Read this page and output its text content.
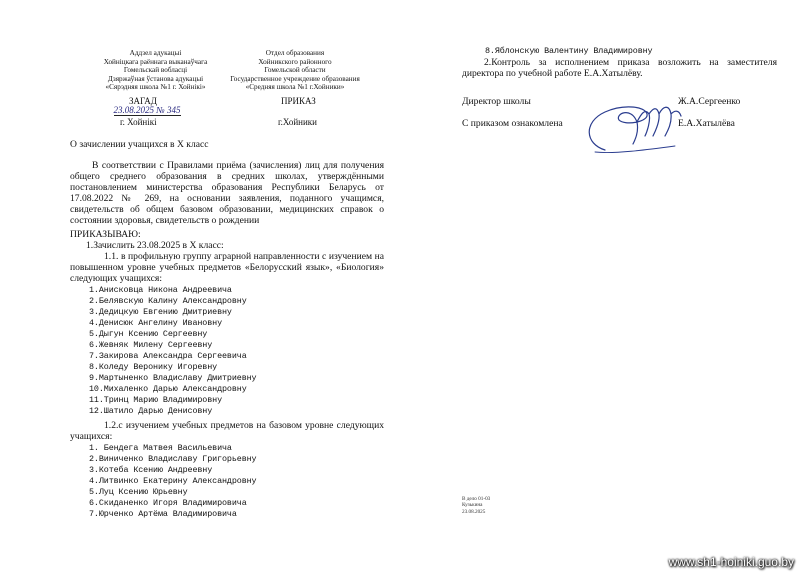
Аддзел адукацыі
Хойніцкага раённага выканаўчага
Гомельскай вобласці
Дзяржаўная ўстанова адукацыі
«Сярэдняя школа №1 г. Хойнікі»
ЗАГАД
23.08.2025 № 345
г. Хойнікі
Отдел образования
Хойникского районного
Гомельской области
Государственное учреждение образования
«Средняя школа №1 г.Хойники»
ПРИКАЗ
г.Хойники
О зачислении учащихся в Х класс
В соответствии с Правилами приёма (зачисления) лиц для получения общего среднего образования в средних школах, утверждёнными постановлением министерства образования Республики Беларусь от 17.08.2022 № 269, на основании заявления, поданного учащимся, свидетельств об общем базовом образовании, медицинских справок о состоянии здоровья, свидетельств о рождении
ПРИКАЗЫВАЮ:
1.Зачислить 23.08.2025 в Х класс:
1.1. в профильную группу аграрной направленности с изучением на повышенном уровне учебных предметов «Белорусский язык», «Биология» следующих учащихся:
1.Анисковца Никона Андреевича
2.Белявскую Калину Александровну
3.Дедицкую Евгению Дмитриевну
4.Денисюк Ангелину Ивановну
5.Дыгун Ксению Сергеевну
6.Жевняк Милену Сергеевну
7.Закирова Александра Сергеевича
8.Коледу Веронику Игоревну
9.Мартыненко Владиславу Дмитриевну
10.Михаленко Дарью Александровну
11.Тринц Марию Владимировну
12.Шатило Дарью Денисовну
1.2.с изучением учебных предметов на базовом уровне следующих учащихся:
1. Бендега Матвея Васильевича
2.Виниченко Владиславу Григорьевну
3.Котеба Ксению Андреевну
4.Литвинко Екатерину Александровну
5.Луц Ксению Юрьевну
6.Скиданенко Игоря Владимировича
7.Юрченко Артёма Владимировича
8.Яблонскую Валентину Владимировну
2.Контроль за исполнением приказа возложить на заместителя директора по учебной работе Е.А.Хатылёву.
Директор школы	Ж.А.Сергеенко
С приказом ознакомлена	Е.А.Хатылёва
В дело 01-03
Кузькина
23.08.2025
www.sh1-hoiniki.guo.by
